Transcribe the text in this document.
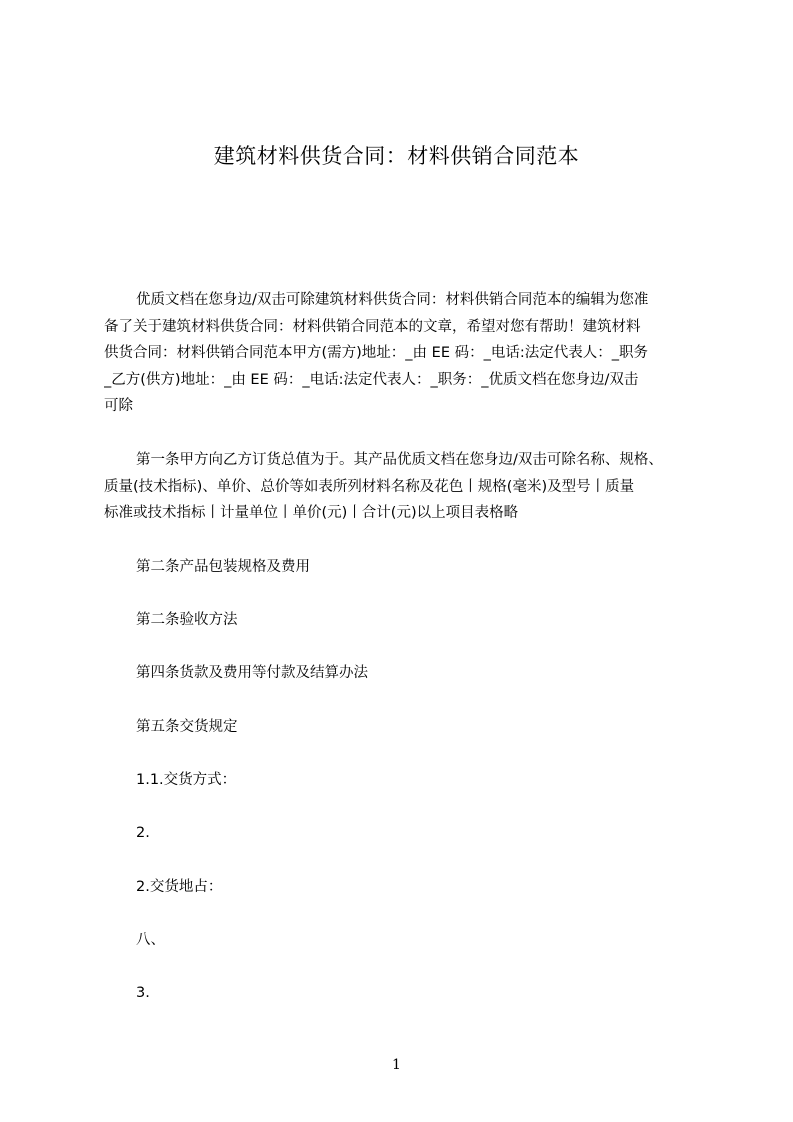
建筑材料供货合同：材料供销合同范本
优质文档在您身边/双击可除建筑材料供货合同：材料供销合同范本的编辑为您准
备了关于建筑材料供货合同：材料供销合同范本的文章，希望对您有帮助！建筑材料
供货合同：材料供销合同范本甲方(需方)地址：_由 EE 码：_电话:法定代表人：_职务
_乙方(供方)地址：_由 EE 码：_电话:法定代表人：_职务：_优质文档在您身边/双击
可除
第一条甲方向乙方订货总值为于。其产品优质文档在您身边/双击可除名称、规格、
质量(技术指标)、单价、总价等如表所列材料名称及花色丨规格(毫米)及型号丨质量
标准或技术指标丨计量单位丨单价(元)丨合计(元)以上项目表格略
第二条产品包装规格及费用
第二条验收方法
第四条货款及费用等付款及结算办法
第五条交货规定
1.1.交货方式：
2.
2.交货地占：
八、
3.
1
